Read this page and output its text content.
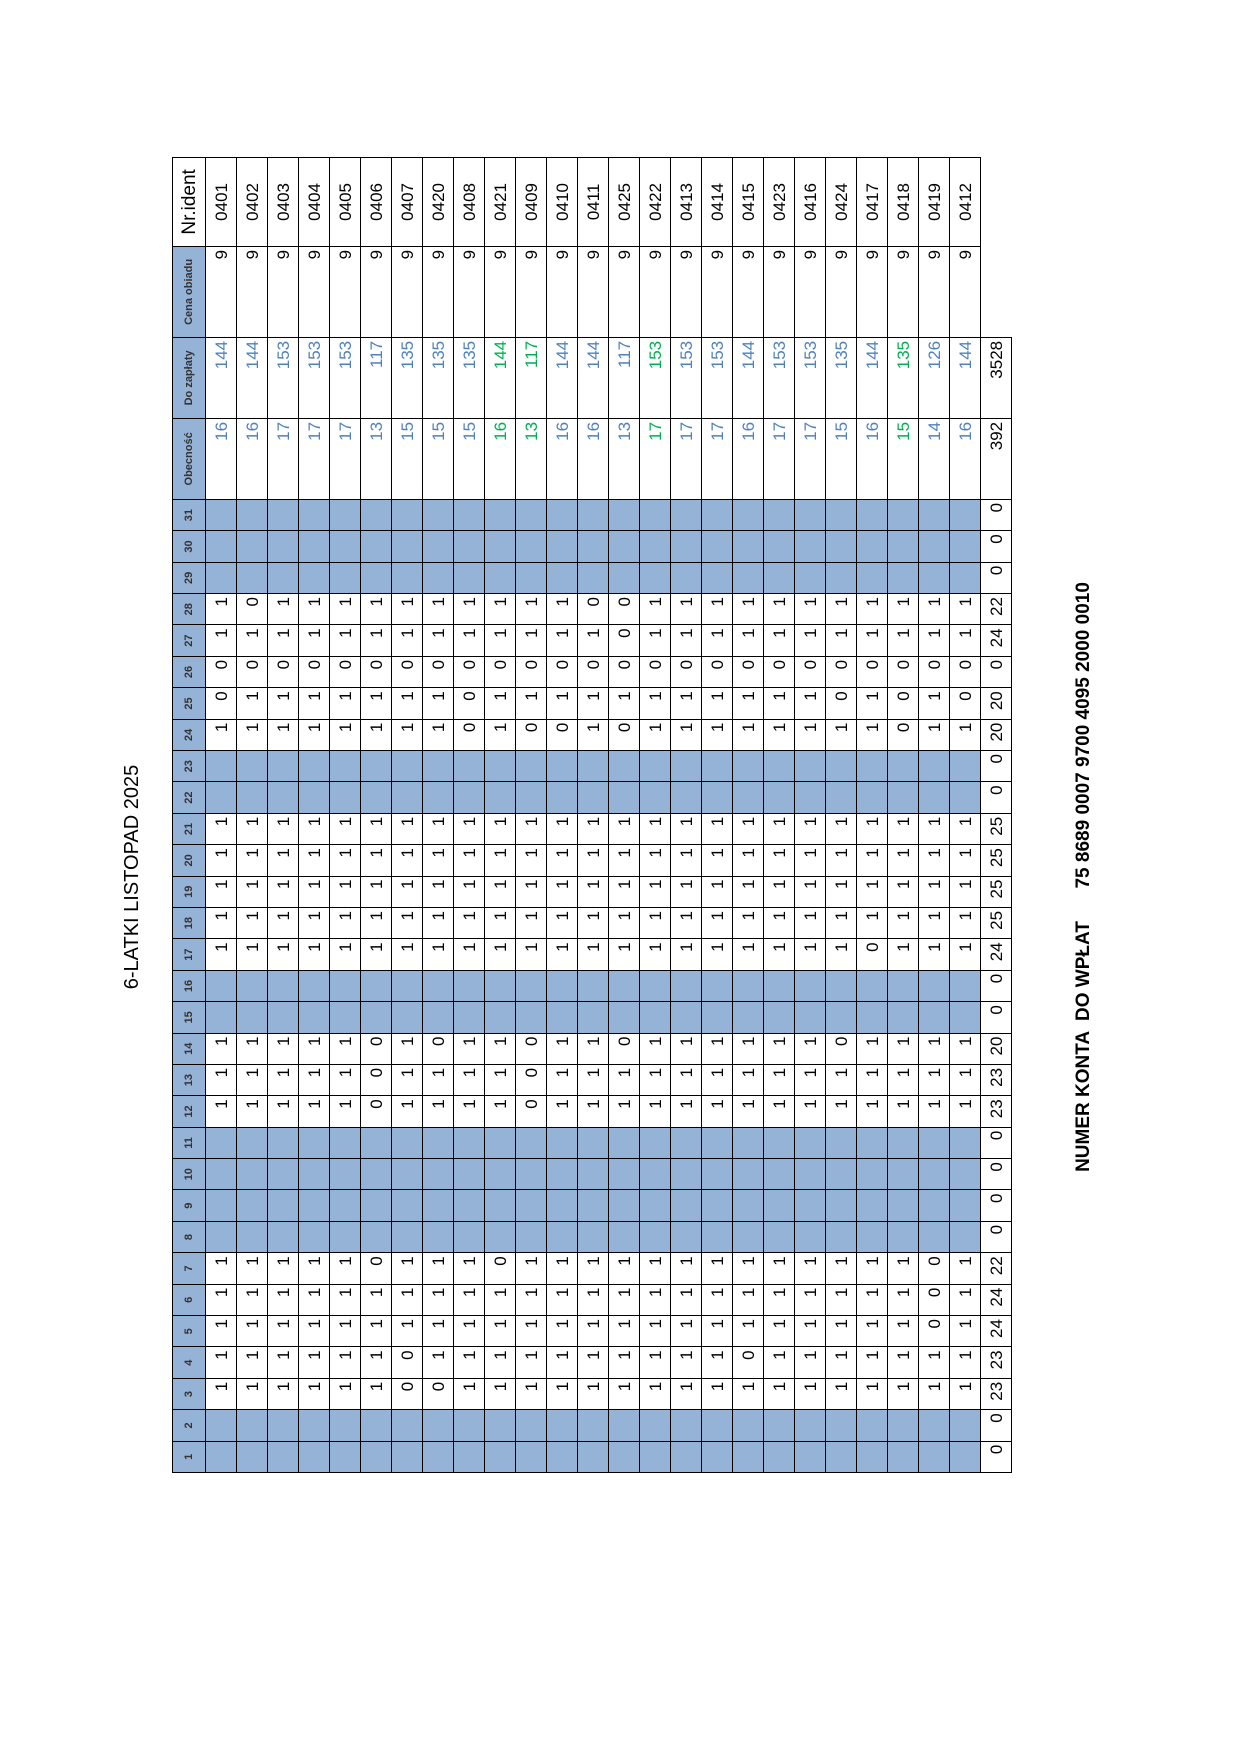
6-LATKI LISTOPAD 2025
1	2	3	4	5	6	7	8	9	10	11	12	13	14	15	16	17	18	19	20	21	22	23	24	25	26	27	28	29	30	31	Obecność	Do zapłaty	Cena obiadu	Nr.ident
		1	1	1	1	1					1	1	1			1	1	1	1	1			1	0	0	1	1				16	144	9	0401
		1	1	1	1	1					1	1	1			1	1	1	1	1			1	1	0	1	0				16	144	9	0402
		1	1	1	1	1					1	1	1			1	1	1	1	1			1	1	0	1	1				17	153	9	0403
		1	1	1	1	1					1	1	1			1	1	1	1	1			1	1	0	1	1				17	153	9	0404
		1	1	1	1	1					1	1	1			1	1	1	1	1			1	1	0	1	1				17	153	9	0405
		1	1	1	1	0					0	0	0			1	1	1	1	1			1	1	0	1	1				13	117	9	0406
		0	0	1	1	1					1	1	1			1	1	1	1	1			1	1	0	1	1				15	135	9	0407
		0	1	1	1	1					1	1	0			1	1	1	1	1			1	1	0	1	1				15	135	9	0420
		1	1	1	1	1					1	1	1			1	1	1	1	1			0	0	0	1	1				15	135	9	0408
		1	1	1	1	0					1	1	1			1	1	1	1	1			1	1	0	1	1				16	144	9	0421
		1	1	1	1	1					0	0	0			1	1	1	1	1			0	1	0	1	1				13	117	9	0409
		1	1	1	1	1					1	1	1			1	1	1	1	1			0	1	0	1	1				16	144	9	0410
		1	1	1	1	1					1	1	1			1	1	1	1	1			1	1	0	1	0				16	144	9	0411
		1	1	1	1	1					1	1	0			1	1	1	1	1			0	1	0	0	0				13	117	9	0425
		1	1	1	1	1					1	1	1			1	1	1	1	1			1	1	0	1	1				17	153	9	0422
		1	1	1	1	1					1	1	1			1	1	1	1	1			1	1	0	1	1				17	153	9	0413
		1	1	1	1	1					1	1	1			1	1	1	1	1			1	1	0	1	1				17	153	9	0414
		1	0	1	1	1					1	1	1			1	1	1	1	1			1	1	0	1	1				16	144	9	0415
		1	1	1	1	1					1	1	1			1	1	1	1	1			1	1	0	1	1				17	153	9	0423
		1	1	1	1	1					1	1	1			1	1	1	1	1			1	1	0	1	1				17	153	9	0416
		1	1	1	1	1					1	1	0			1	1	1	1	1			1	0	0	1	1				15	135	9	0424
		1	1	1	1	1					1	1	1			0	1	1	1	1			1	1	0	1	1				16	144	9	0417
		1	1	1	1	1					1	1	1			1	1	1	1	1			0	0	0	1	1				15	135	9	0418
		1	1	0	0	0					1	1	1			1	1	1	1	1			1	1	0	1	1				14	126	9	0419
		1	1	1	1	1					1	1	1			1	1	1	1	1			1	0	0	1	1				16	144	9	0412
0	0	23	23	24	24	22	0	0	0	0	23	23	20	0	0	24	25	25	25	25	0	0	20	20	0	24	22	0	0	0	392	3528		
NUMER KONTA  DO WPŁAT  75 8689 0007 9700 4095 2000 0010
